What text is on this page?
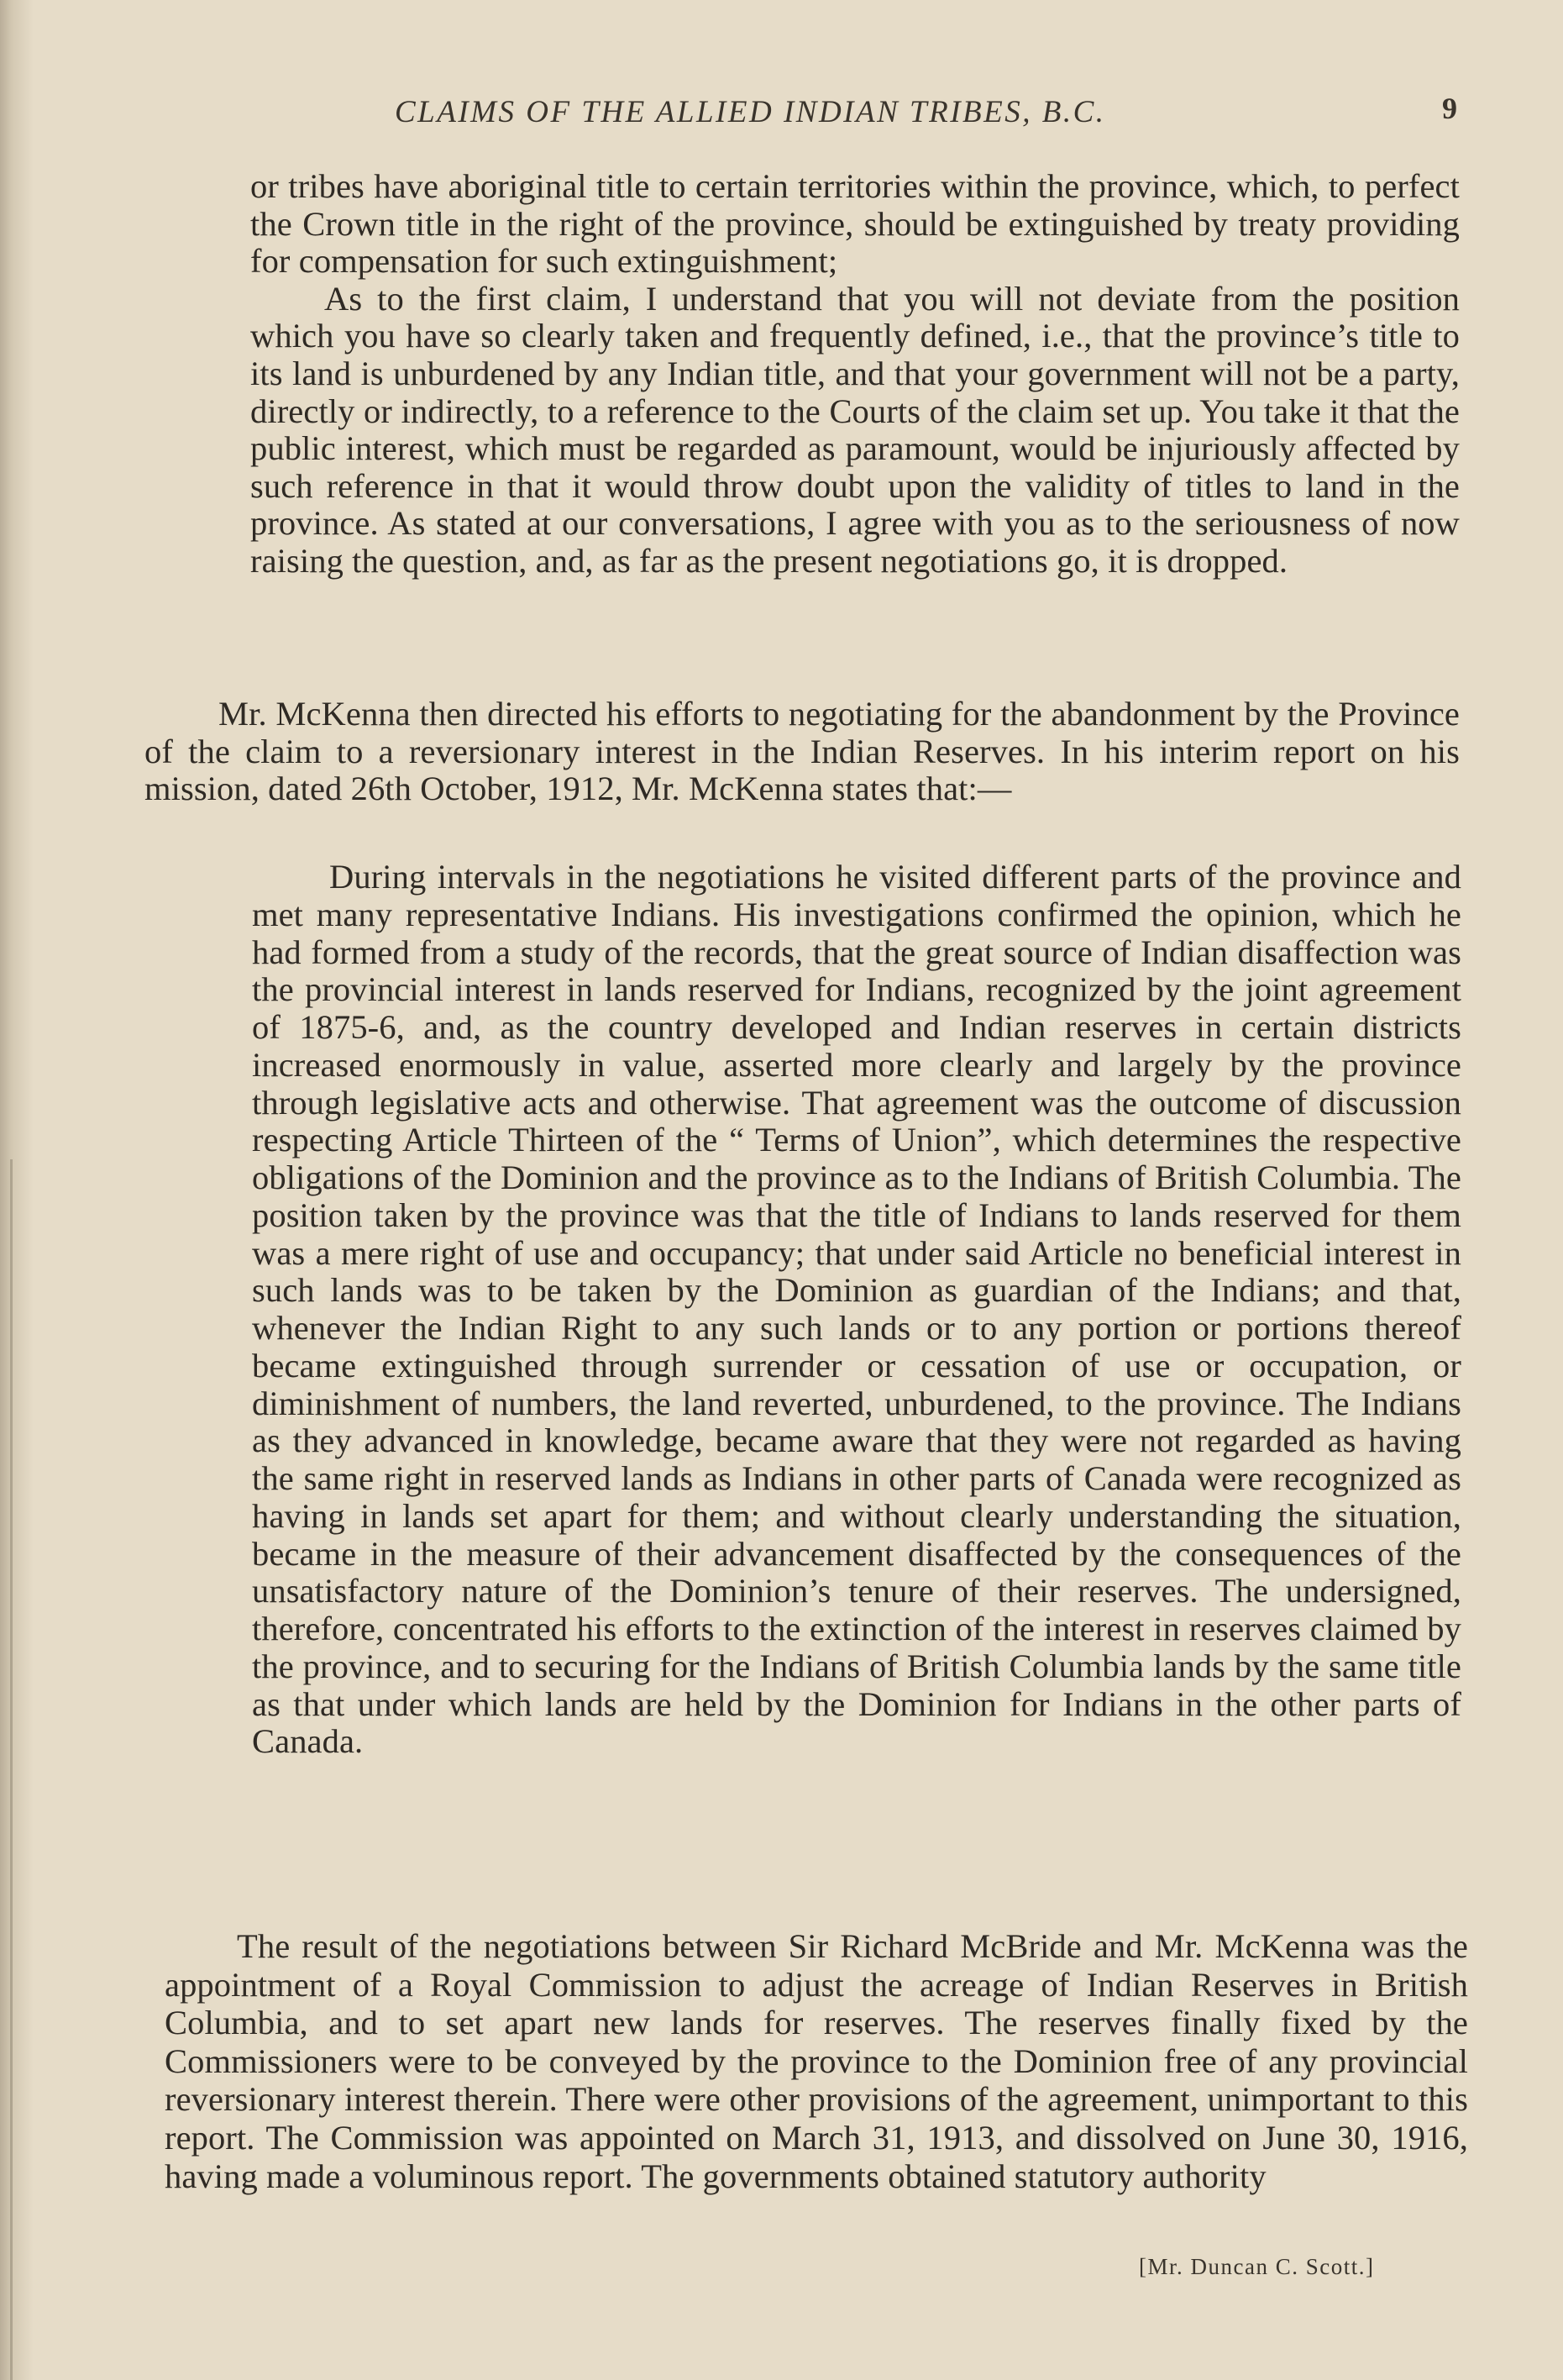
CLAIMS OF THE ALLIED INDIAN TRIBES, B.C.	9

or tribes have aboriginal title to certain territories within the province, which, to perfect the Crown title in the right of the province, should be extinguished by treaty providing for compensation for such extinguishment;

As to the first claim, I understand that you will not deviate from the position which you have so clearly taken and frequently defined, i.e., that the province’s title to its land is unburdened by any Indian title, and that your government will not be a party, directly or indirectly, to a reference to the Courts of the claim set up. You take it that the public interest, which must be regarded as paramount, would be injuriously affected by such reference in that it would throw doubt upon the validity of titles to land in the province. As stated at our conversations, I agree with you as to the seriousness of now raising the question, and, as far as the present negotiations go, it is dropped.

Mr. McKenna then directed his efforts to negotiating for the abandonment by the Province of the claim to a reversionary interest in the Indian Reserves. In his interim report on his mission, dated 26th October, 1912, Mr. McKenna states that:—

During intervals in the negotiations he visited different parts of the province and met many representative Indians. His investigations confirmed the opinion, which he had formed from a study of the records, that the great source of Indian disaffection was the provincial interest in lands reserved for Indians, recognized by the joint agreement of 1875-6, and, as the country developed and Indian reserves in certain districts increased enormously in value, asserted more clearly and largely by the province through legislative acts and otherwise. That agreement was the outcome of discussion respecting Article Thirteen of the “ Terms of Union”, which determines the respective obligations of the Dominion and the province as to the Indians of British Columbia. The position taken by the province was that the title of Indians to lands reserved for them was a mere right of use and occupancy; that under said Article no beneficial interest in such lands was to be taken by the Dominion as guardian of the Indians; and that, whenever the Indian Right to any such lands or to any portion or portions thereof became extinguished through surrender or cessation of use or occupation, or diminishment of numbers, the land reverted, unburdened, to the province. The Indians as they advanced in knowledge, became aware that they were not regarded as having the same right in reserved lands as Indians in other parts of Canada were recognized as having in lands set apart for them; and without clearly understanding the situation, became in the measure of their advancement disaffected by the consequences of the unsatisfactory nature of the Dominion’s tenure of their reserves. The undersigned, therefore, concentrated his efforts to the extinction of the interest in reserves claimed by the province, and to securing for the Indians of British Columbia lands by the same title as that under which lands are held by the Dominion for Indians in the other parts of Canada.

The result of the negotiations between Sir Richard McBride and Mr. McKenna was the appointment of a Royal Commission to adjust the acreage of Indian Reserves in British Columbia, and to set apart new lands for reserves. The reserves finally fixed by the Commissioners were to be conveyed by the province to the Dominion free of any provincial reversionary interest therein. There were other provisions of the agreement, unimportant to this report. The Commission was appointed on March 31, 1913, and dissolved on June 30, 1916, having made a voluminous report. The governments obtained statutory authority

[Mr. Duncan C. Scott.]
